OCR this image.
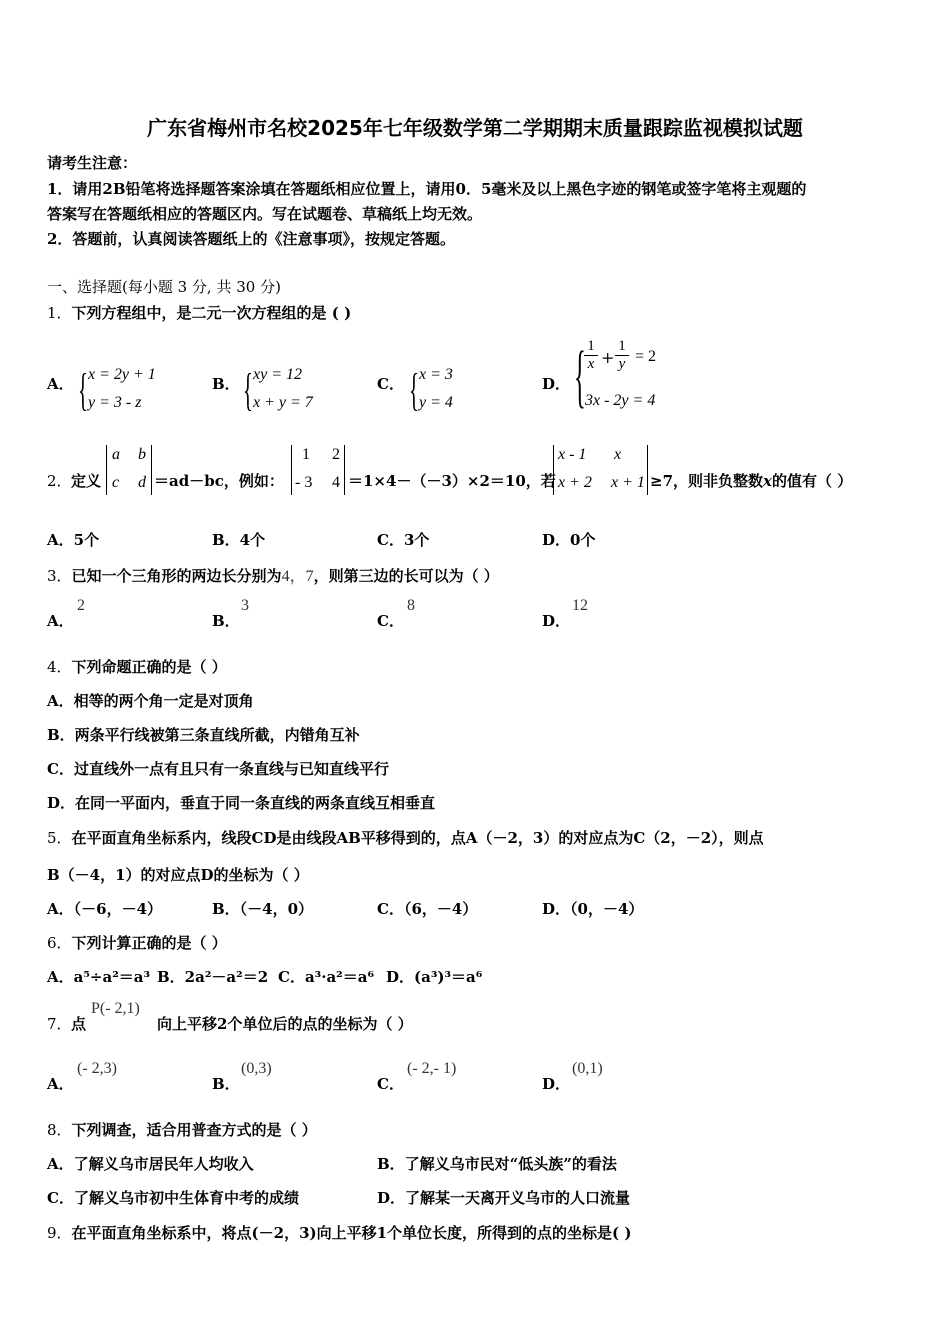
广东省梅州市名校2025年七年级数学第二学期期末质量跟踪监视模拟试题
请考生注意：
1．请用2B铅笔将选择题答案涂填在答题纸相应位置上，请用0．5毫米及以上黑色字迹的钢笔或签字笔将主观题的
答案写在答题纸相应的答题区内。写在试题卷、草稿纸上均无效。
2．答题前，认真阅读答题纸上的《注意事项》，按规定答题。
一、选择题(每小题 3 分, 共 30 分)
1．下列方程组中，是二元一次方程组的是 ( )
A． { x = 2y + 1
y = 3 - z
B． { xy = 12
x + y = 7
C． { x = 3
y = 4
D． {
$\frac{1}{x} + \frac{1}{y} = 2$
3x - 2y = 4
2． 定义
a b
c d ＝ad－bc，例如：
1 2
- 3 4 ＝1×4－（－3）×2＝10，若
x - 1 x
x + 2 x + 1 ≥7，则非负整数x的值有（ ）
A．5个	B．4个	C．3个	D．0个
3．已知一个三角形的两边长分别为4，7，则第三边的长可以为（ ）
A．
2
B．
3
C．
8
D．
12
4．下列命题正确的是（ ）
A．相等的两个角一定是对顶角
B．两条平行线被第三条直线所截，内错角互补
C．过直线外一点有且只有一条直线与已知直线平行
D．在同一平面内，垂直于同一条直线的两条直线互相垂直
5．在平面直角坐标系内，线段CD是由线段AB平移得到的，点A（－2，3）的对应点为C（2，－2），则点
B（－4，1）的对应点D的坐标为（ ）
A．（－6，－4）	B．（－4，0）	C．（6，－4）	D．（0，－4）
6．下列计算正确的是（ ）
A．a⁵÷a²＝a³ B．2a²－a²＝2 C．a³·a²＝a⁶ D．(a³)³＝a⁶
7． 点
P(- 2,1)
向上平移2个单位后的点的坐标为（ ）
A．
(- 2,3)
B．
(0,3)
C．
(- 2,- 1)
D．
(0,1)
8．下列调查，适合用普查方式的是（ ）
A．了解义乌市居民年人均收入	B．了解义乌市民对“低头族”的看法
C．了解义乌市初中生体育中考的成绩	D．了解某一天离开义乌市的人口流量
9．在平面直角坐标系中，将点(－2，3)向上平移1个单位长度，所得到的点的坐标是( )
